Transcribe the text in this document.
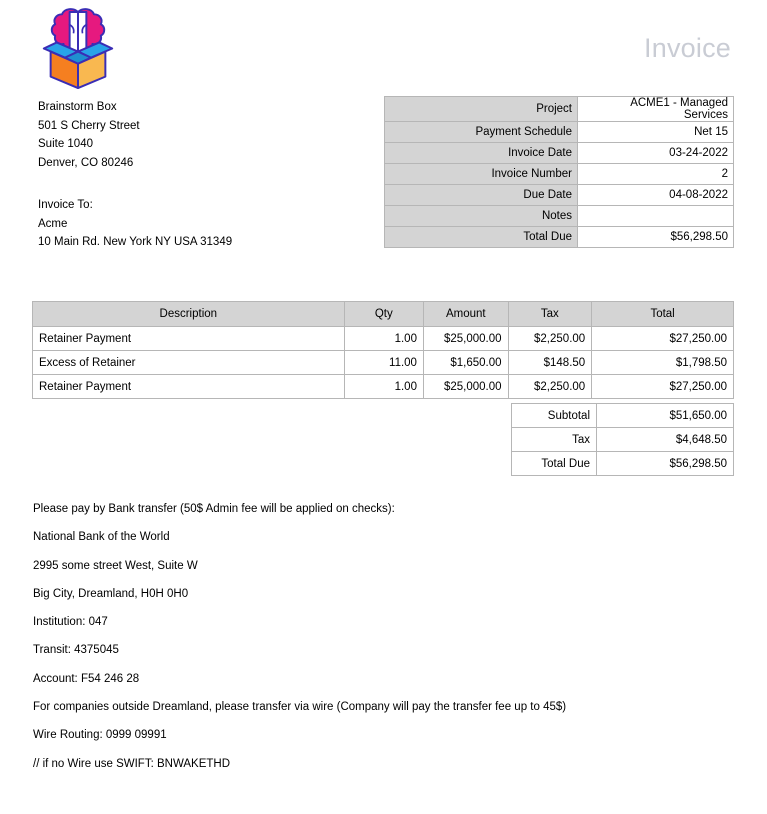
Invoice
Brainstorm Box
501 S Cherry Street
Suite 1040
Denver, CO 80246
Invoice To:
Acme
10 Main Rd. New York NY USA 31349
Project	ACME1 - Managed Services
Payment Schedule	Net 15
Invoice Date	03-24-2022
Invoice Number	2
Due Date	04-08-2022
Notes	
Total Due	$56,298.50
Description	Qty	Amount	Tax	Total
Retainer Payment	1.00	$25,000.00	$2,250.00	$27,250.00
Excess of Retainer	11.00	$1,650.00	$148.50	$1,798.50
Retainer Payment	1.00	$25,000.00	$2,250.00	$27,250.00
Subtotal	$51,650.00
Tax	$4,648.50
Total Due	$56,298.50

Please pay by Bank transfer (50$ Admin fee will be applied on checks):

National Bank of the World

2995 some street West, Suite W

Big City, Dreamland, H0H 0H0

Institution: 047

Transit: 4375045

Account: F54 246 28

For companies outside Dreamland, please transfer via wire (Company will pay the transfer fee up to 45$)

Wire Routing: 0999 09991

// if no Wire use SWIFT: BNWAKETHD
